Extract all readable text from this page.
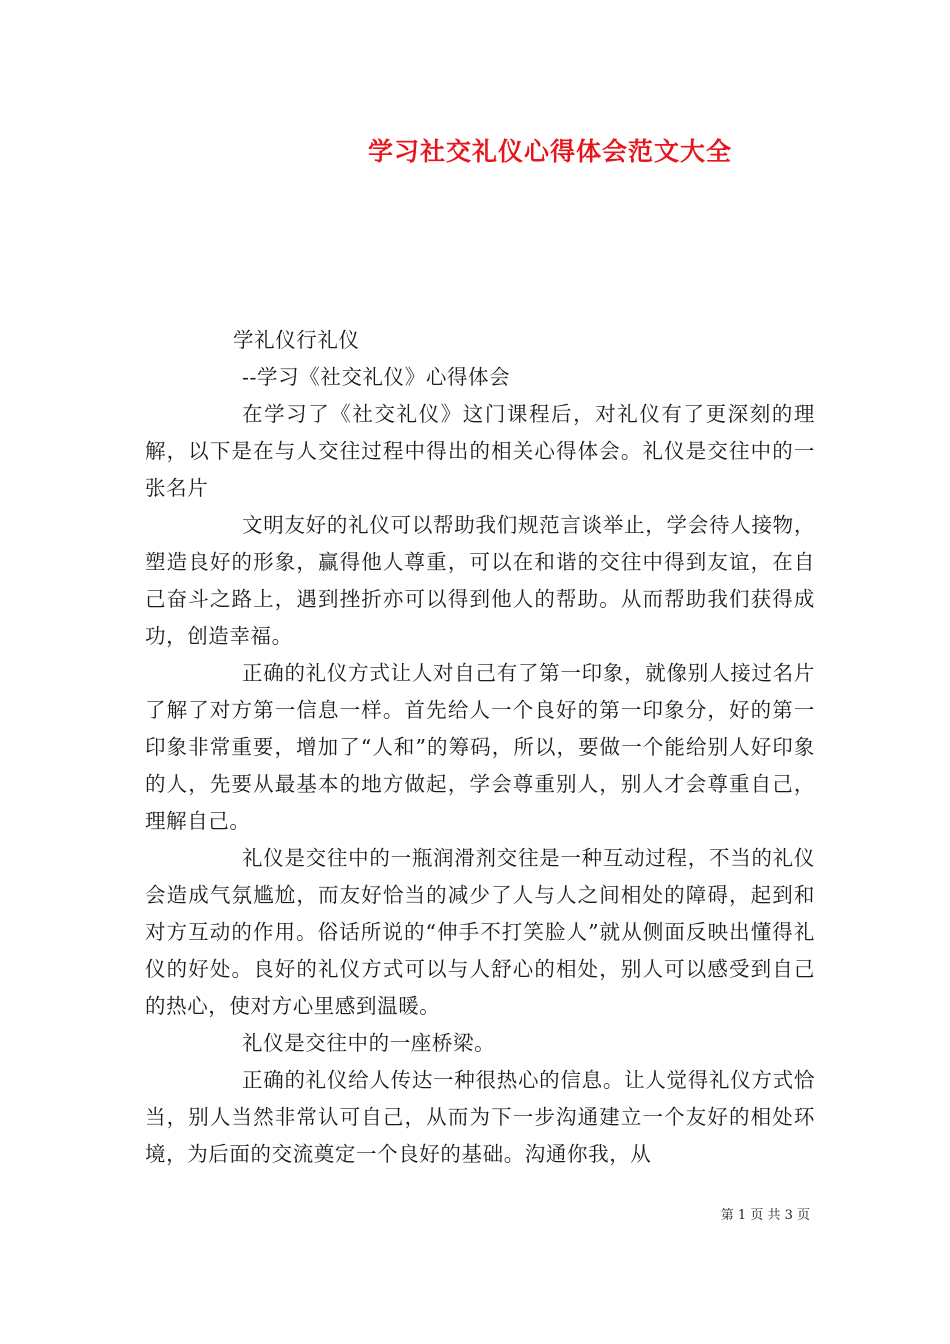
学习社交礼仪心得体会范文大全

学礼仪行礼仪

--学习《社交礼仪》心得体会

在学习了《社交礼仪》这门课程后，对礼仪有了更深刻的理解，以下是在与人交往过程中得出的相关心得体会。礼仪是交往中的一张名片

文明友好的礼仪可以帮助我们规范言谈举止，学会待人接物，塑造良好的形象，赢得他人尊重，可以在和谐的交往中得到友谊，在自己奋斗之路上，遇到挫折亦可以得到他人的帮助。从而帮助我们获得成功，创造幸福。

正确的礼仪方式让人对自己有了第一印象，就像别人接过名片了解了对方第一信息一样。首先给人一个良好的第一印象分，好的第一印象非常重要，增加了“人和”的筹码，所以，要做一个能给别人好印象的人，先要从最基本的地方做起，学会尊重别人，别人才会尊重自己，理解自己。

礼仪是交往中的一瓶润滑剂交往是一种互动过程，不当的礼仪会造成气氛尴尬，而友好恰当的减少了人与人之间相处的障碍，起到和对方互动的作用。俗话所说的“伸手不打笑脸人”就从侧面反映出懂得礼仪的好处。良好的礼仪方式可以与人舒心的相处，别人可以感受到自己的热心，使对方心里感到温暖。

礼仪是交往中的一座桥梁。

正确的礼仪给人传达一种很热心的信息。让人觉得礼仪方式恰当，别人当然非常认可自己，从而为下一步沟通建立一个友好的相处环境，为后面的交流奠定一个良好的基础。沟通你我，从

第 1 页 共 3 页
